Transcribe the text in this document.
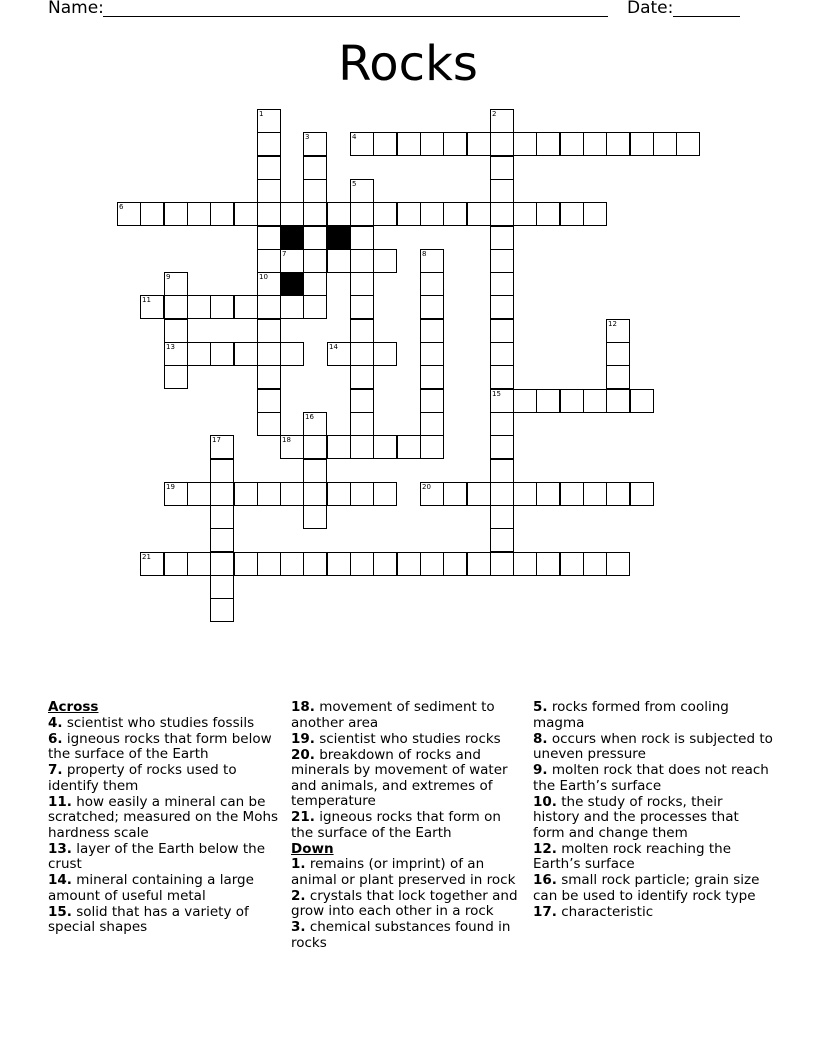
Name:	Date:
Rocks
1
10
2
15
3	4
5
6
7	8
9
13
11
12
14
16
17	18
19	20
21
Across
4. scientist who studies fossils
6. igneous rocks that form below the surface of the Earth
7. property of rocks used to identify them
11. how easily a mineral can be scratched; measured on the Mohs hardness scale
13. layer of the Earth below the crust
14. mineral containing a large amount of useful metal
15. solid that has a variety of special shapes
18. movement of sediment to another area
19. scientist who studies rocks
20. breakdown of rocks and minerals by movement of water and animals, and extremes of temperature
21. igneous rocks that form on the surface of the Earth
Down
1. remains (or imprint) of an animal or plant preserved in rock
2. crystals that lock together and grow into each other in a rock
3. chemical substances found in rocks
5. rocks formed from cooling magma
8. occurs when rock is subjected to uneven pressure
9. molten rock that does not reach the Earth’s surface
10. the study of rocks, their history and the processes that form and change them
12. molten rock reaching the Earth’s surface
16. small rock particle; grain size can be used to identify rock type
17. characteristic
